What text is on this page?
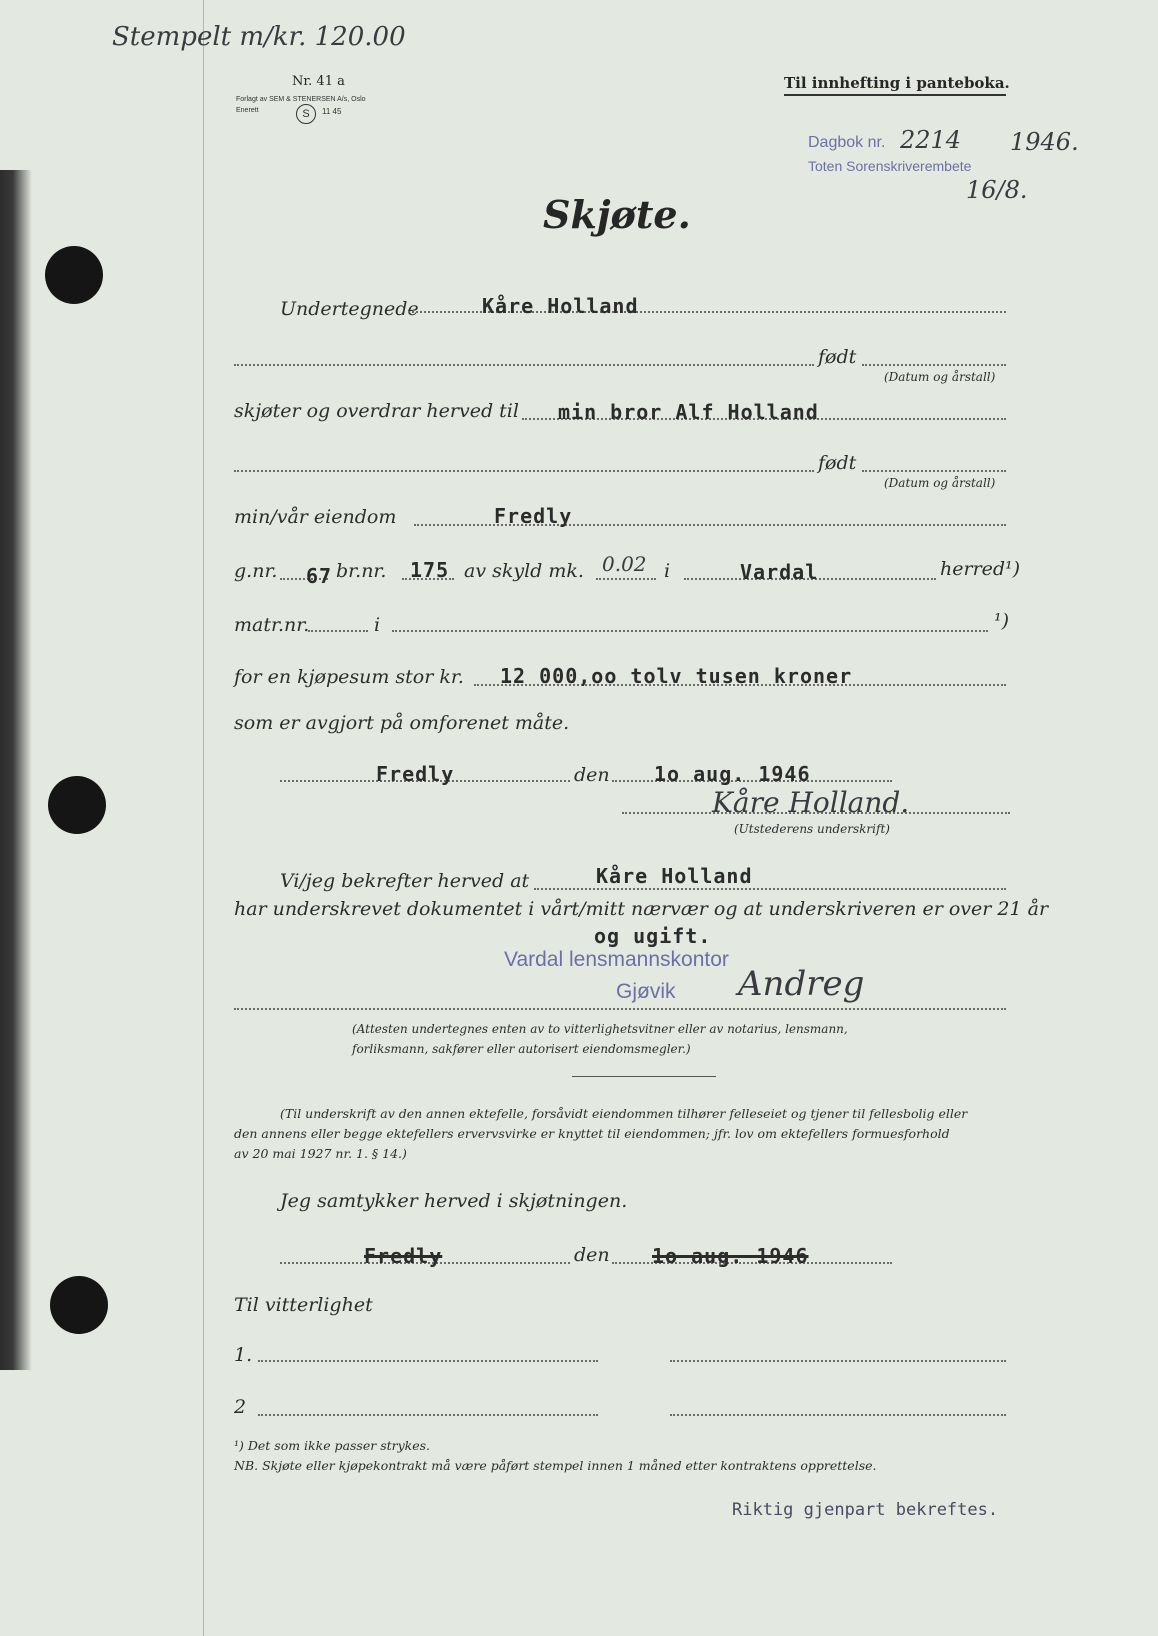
Stempelt m/kr. 120.00
Nr. 41 a
Forlagt av SEM & STENERSEN A/s, Oslo
Enerett	S	11 45
Til innhefting i panteboka.
Dagbok nr. 2214 1946.
Toten Sorenskriverembete
16/8.
Skjøte.
Undertegnede	Kåre Holland
født
(Datum og årstall)
skjøter og overdrar herved til min bror Alf Holland
født
(Datum og årstall)
min/vår eiendom	Fredly
g.nr. 67 br.nr. 175 av skyld mk. 0.02 i	Vardal	herred¹)
matr.nr.	i	¹)
for en kjøpesum stor kr. 12 000,oo tolv tusen kroner
som er avgjort på omforenet måte.
Fredly	den 1o aug. 1946
Kåre Holland.
(Utstederens underskrift)
Vi/jeg bekrefter herved at	Kåre Holland
har underskrevet dokumentet i vårt/mitt nærvær og at underskriveren er over 21 år
og ugift.
Vardal lensmannskontor
Gjøvik Andreg
(Attesten undertegnes enten av to vitterlighetsvitner eller av notarius, lensmann,
forliksmann, sakfører eller autorisert eiendomsmegler.)
(Til underskrift av den annen ektefelle, forsåvidt eiendommen tilhører felleseiet og tjener til fellesbolig eller
den annens eller begge ektefellers ervervsvirke er knyttet til eiendommen; jfr. lov om ektefellers formuesforhold
av 20 mai 1927 nr. 1. § 14.)
Jeg samtykker herved i skjøtningen.
Fredly	den 1o aug. 1946
Til vitterlighet
1.
2
¹) Det som ikke passer strykes.
NB. Skjøte eller kjøpekontrakt må være påført stempel innen 1 måned etter kontraktens opprettelse.
Riktig gjenpart bekreftes.
